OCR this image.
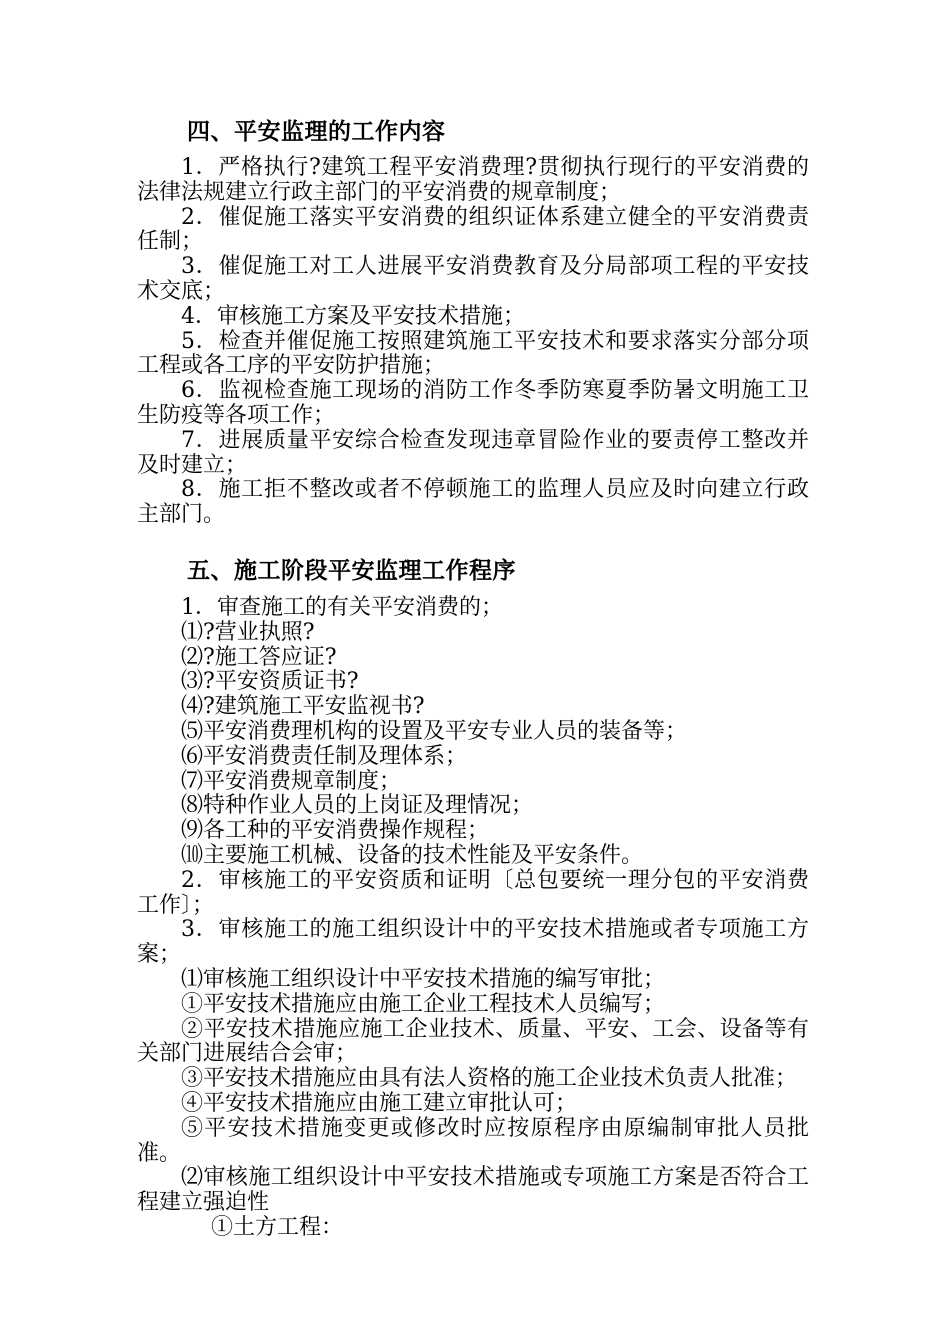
四、平安监理的工作内容
1．严格执行?建筑工程平安消费理?贯彻执行现行的平安消费的法律法规建立行政主部门的平安消费的规章制度；
2．催促施工落实平安消费的组织证体系建立健全的平安消费责任制；
3．催促施工对工人进展平安消费教育及分局部项工程的平安技术交底；
4．审核施工方案及平安技术措施；
5．检查并催促施工按照建筑施工平安技术和要求落实分部分项工程或各工序的平安防护措施；
6．监视检查施工现场的消防工作冬季防寒夏季防暑文明施工卫生防疫等各项工作；
7．进展质量平安综合检查发现违章冒险作业的要责停工整改并及时建立；
8．施工拒不整改或者不停顿施工的监理人员应及时向建立行政主部门。
五、施工阶段平安监理工作程序
1．审查施工的有关平安消费的；
⑴?营业执照?
⑵?施工答应证?
⑶?平安资质证书?
⑷?建筑施工平安监视书?
⑸平安消费理机构的设置及平安专业人员的装备等；
⑹平安消费责任制及理体系；
⑺平安消费规章制度；
⑻特种作业人员的上岗证及理情况；
⑼各工种的平安消费操作规程；
⑽主要施工机械、设备的技术性能及平安条件。
2．审核施工的平安资质和证明〔总包要统一理分包的平安消费工作〕；
3．审核施工的施工组织设计中的平安技术措施或者专项施工方案；
⑴审核施工组织设计中平安技术措施的编写审批；
①平安技术措施应由施工企业工程技术人员编写；
②平安技术措施应施工企业技术、质量、平安、工会、设备等有关部门进展结合会审；
③平安技术措施应由具有法人资格的施工企业技术负责人批准；
④平安技术措施应由施工建立审批认可；
⑤平安技术措施变更或修改时应按原程序由原编制审批人员批准。
⑵审核施工组织设计中平安技术措施或专项施工方案是否符合工程建立强迫性
①土方工程：
